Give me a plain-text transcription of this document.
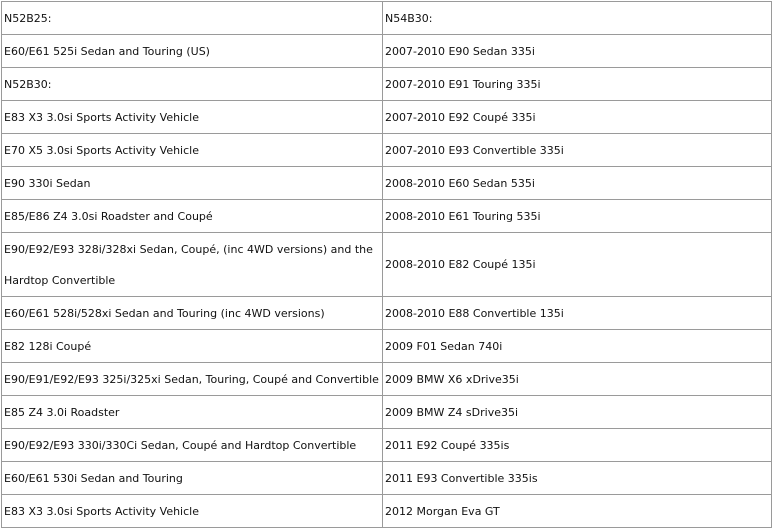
N52B25:	N54B30:
E60/E61 525i Sedan and Touring (US)	2007-2010 E90 Sedan 335i
N52B30:	2007-2010 E91 Touring 335i
E83 X3 3.0si Sports Activity Vehicle	2007-2010 E92 Coupé 335i
E70 X5 3.0si Sports Activity Vehicle	2007-2010 E93 Convertible 335i
E90 330i Sedan	2008-2010 E60 Sedan 535i
E85/E86 Z4 3.0si Roadster and Coupé	2008-2010 E61 Touring 535i
E90/E92/E93 328i/328xi Sedan, Coupé, (inc 4WD versions) and the Hardtop Convertible	2008-2010 E82 Coupé 135i
E60/E61 528i/528xi Sedan and Touring (inc 4WD versions)	2008-2010 E88 Convertible 135i
E82 128i Coupé	2009 F01 Sedan 740i
E90/E91/E92/E93 325i/325xi Sedan, Touring, Coupé and Convertible	2009 BMW X6 xDrive35i
E85 Z4 3.0i Roadster	2009 BMW Z4 sDrive35i
E90/E92/E93 330i/330Ci Sedan, Coupé and Hardtop Convertible	2011 E92 Coupé 335is
E60/E61 530i Sedan and Touring	2011 E93 Convertible 335is
E83 X3 3.0si Sports Activity Vehicle	2012 Morgan Eva GT
